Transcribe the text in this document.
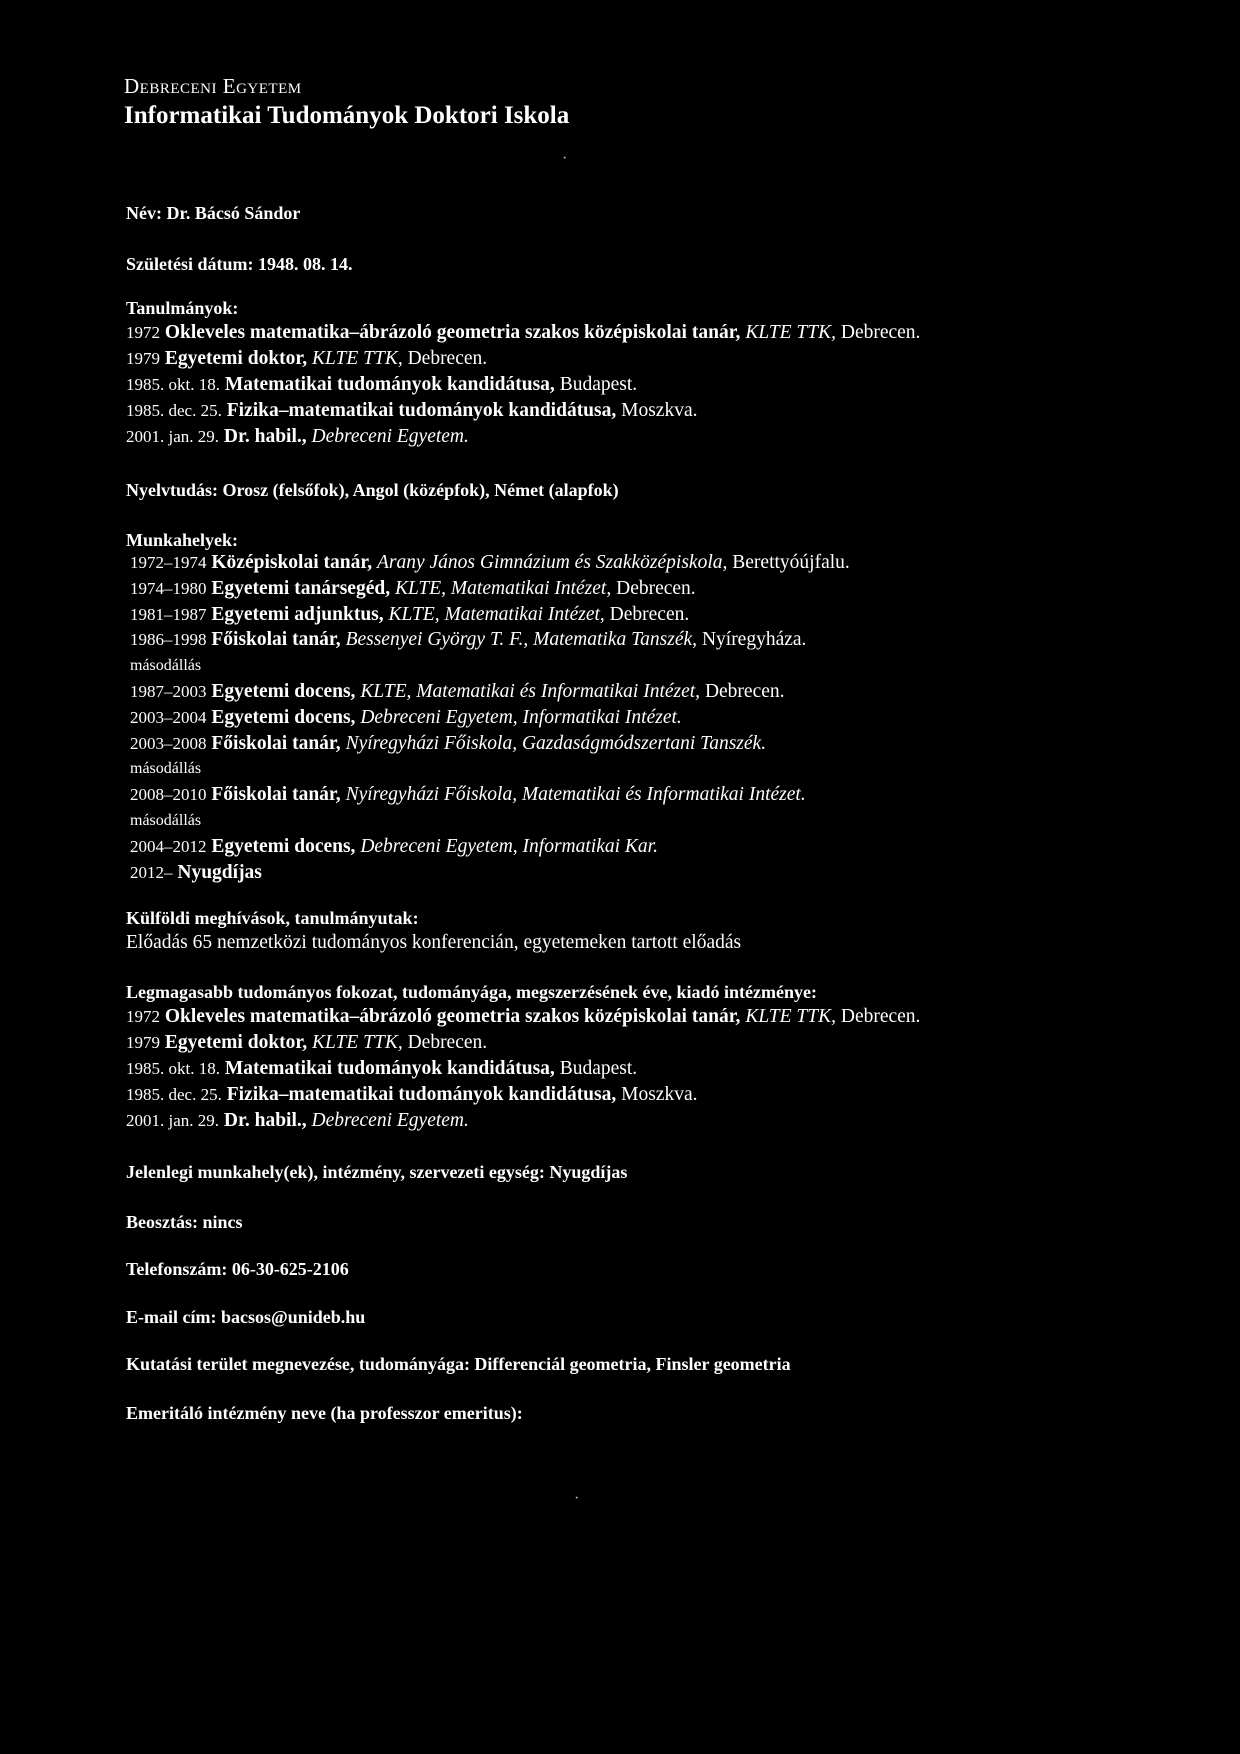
Debreceni Egyetem
Informatikai Tudományok Doktori Iskola
·
Név: Dr. Bácsó Sándor
Születési dátum: 1948. 08. 14.
Tanulmányok:
1972 Okleveles matematika–ábrázoló geometria szakos középiskolai tanár, KLTE TTK, Debrecen.
1979 Egyetemi doktor, KLTE TTK, Debrecen.
1985. okt. 18. Matematikai tudományok kandidátusa, Budapest.
1985. dec. 25. Fizika–matematikai tudományok kandidátusa, Moszkva.
2001. jan. 29. Dr. habil., Debreceni Egyetem.
Nyelvtudás: Orosz (felsőfok), Angol (középfok), Német (alapfok)
Munkahelyek:
1972–1974 Középiskolai tanár, Arany János Gimnázium és Szakközépiskola, Berettyóújfalu.
1974–1980 Egyetemi tanársegéd, KLTE, Matematikai Intézet, Debrecen.
1981–1987 Egyetemi adjunktus, KLTE, Matematikai Intézet, Debrecen.
1986–1998 Főiskolai tanár, Bessenyei György T. F., Matematika Tanszék, Nyíregyháza.
másodállás
1987–2003 Egyetemi docens, KLTE, Matematikai és Informatikai Intézet, Debrecen.
2003–2004 Egyetemi docens, Debreceni Egyetem, Informatikai Intézet.
2003–2008 Főiskolai tanár, Nyíregyházi Főiskola, Gazdaságmódszertani Tanszék.
másodállás
2008–2010 Főiskolai tanár, Nyíregyházi Főiskola, Matematikai és Informatikai Intézet.
másodállás
2004–2012 Egyetemi docens, Debreceni Egyetem, Informatikai Kar.
2012– Nyugdíjas
Külföldi meghívások, tanulmányutak:
Előadás 65 nemzetközi tudományos konferencián, egyetemeken tartott előadás
Legmagasabb tudományos fokozat, tudományága, megszerzésének éve, kiadó intézménye:
1972 Okleveles matematika–ábrázoló geometria szakos középiskolai tanár, KLTE TTK, Debrecen.
1979 Egyetemi doktor, KLTE TTK, Debrecen.
1985. okt. 18. Matematikai tudományok kandidátusa, Budapest.
1985. dec. 25. Fizika–matematikai tudományok kandidátusa, Moszkva.
2001. jan. 29. Dr. habil., Debreceni Egyetem.
Jelenlegi munkahely(ek), intézmény, szervezeti egység: Nyugdíjas
Beosztás: nincs
Telefonszám: 06-30-625-2106
E-mail cím: bacsos@unideb.hu
Kutatási terület megnevezése, tudományága: Differenciál geometria, Finsler geometria
Emeritáló intézmény neve (ha professzor emeritus):
·
